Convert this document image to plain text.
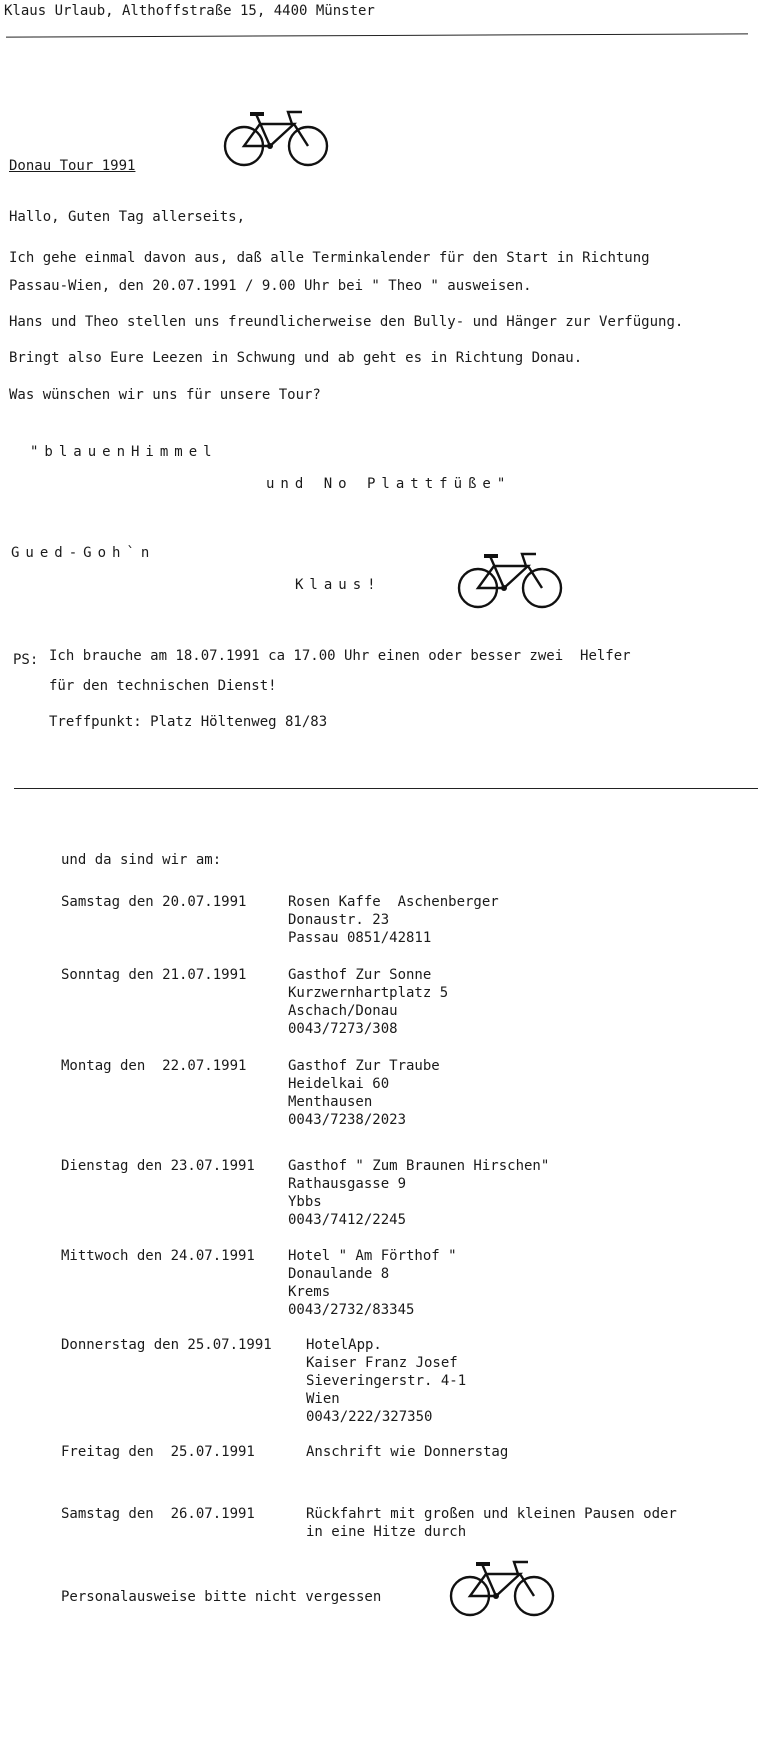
Klaus Urlaub, Althoffstraße 15, 4400 Münster
Donau Tour 1991
Hallo, Guten Tag allerseits,
Ich gehe einmal davon aus, daß alle Terminkalender für den Start in Richtung
Passau-Wien, den 20.07.1991 / 9.00 Uhr bei " Theo " ausweisen.
Hans und Theo stellen uns freundlicherweise den Bully- und Hänger zur Verfügung.
Bringt also Eure Leezen in Schwung und ab geht es in Richtung Donau.
Was wünschen wir uns für unsere Tour?
"blauenHimmel
und No Plattfüße"
Gued-Goh`n
Klaus!
PS: Ich brauche am 18.07.1991 ca 17.00 Uhr einen oder besser zwei  Helfer
für den technischen Dienst!
Treffpunkt: Platz Höltenweg 81/83
und da sind wir am:
Samstag den 20.07.1991	Rosen Kaffe  Aschenberger
Donaustr. 23
Passau 0851/42811
Sonntag den 21.07.1991	Gasthof Zur Sonne
Kurzwernhartplatz 5
Aschach/Donau
0043/7273/308
Montag den  22.07.1991	Gasthof Zur Traube
Heidelkai 60
Menthausen
0043/7238/2023
Dienstag den 23.07.1991 Gasthof " Zum Braunen Hirschen"
Rathausgasse 9
Ybbs
0043/7412/2245
Mittwoch den 24.07.1991 Hotel " Am Förthof "
Donaulande 8
Krems
0043/2732/83345
Donnerstag den 25.07.1991 HotelApp.
Kaiser Franz Josef
Sieveringerstr. 4-1
Wien
0043/222/327350
Freitag den  25.07.1991	Anschrift wie Donnerstag
Samstag den  26.07.1991	Rückfahrt mit großen und kleinen Pausen oder
in eine Hitze durch
Personalausweise bitte nicht vergessen
